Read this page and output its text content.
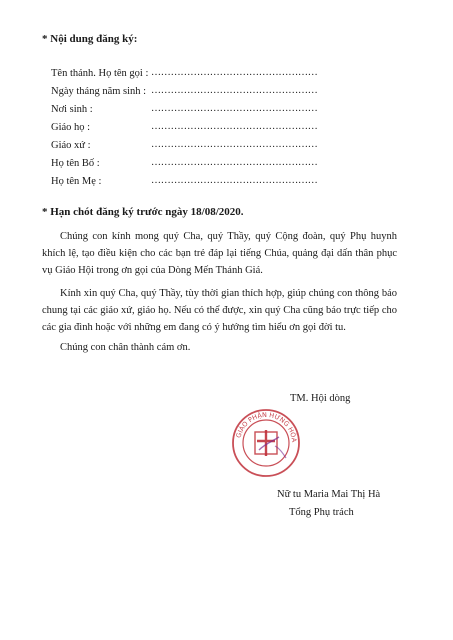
* Nội dung đăng ký:
Tên thánh. Họ tên gọi : ……………………………………………
Ngày tháng năm sinh : ……………………………………………
Nơi sinh :	……………………………………………
Giáo họ :	……………………………………………
Giáo xứ :	……………………………………………
Họ tên Bố :	……………………………………………
Họ tên Mẹ :	……………………………………………
* Hạn chót đăng ký trước ngày 18/08/2020.

Chúng con kính mong quý Cha, quý Thầy, quý Cộng đoàn, quý Phụ huynh khích lệ, tạo điều kiện cho các bạn trẻ đáp lại tiếng Chúa, quảng đại dấn thân phục vụ Giáo Hội trong ơn gọi của Dòng Mến Thánh Giá.

Kính xin quý Cha, quý Thầy, tùy thời gian thích hợp, giúp chúng con thông báo chung tại các giáo xứ, giáo họ. Nếu có thể được, xin quý Cha cũng báo trực tiếp cho các gia đình hoặc với những em đang có ý hướng tìm hiểu ơn gọi đời tu.

Chúng con chân thành cám ơn.

TM. Hội dòng
GIÁO PHẬN HƯNG HÓA
Nữ tu Maria Mai Thị Hà
Tổng Phụ trách
